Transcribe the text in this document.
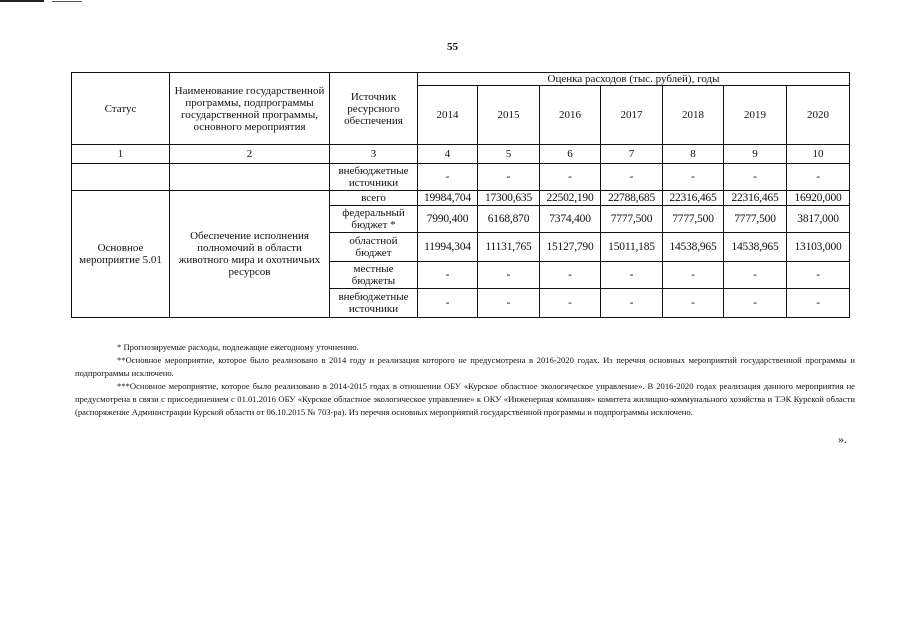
55
Статус	Наименование государственной программы, подпрограммы государственной программы, основного мероприятия	Источник ресурсного обеспечения	Оценка расходов (тыс. рублей), годы						
			2014	2015	2016	2017	2018	2019	2020
1	2	3	4	5	6	7	8	9	10
		внебюджетные источники	-	-	-	-	-	-	-
Основное мероприятие 5.01	Обеспечение исполнения полномочий в области животного мира и охотничьих ресурсов	всего	19984,704	17300,635	22502,190	22788,685	22316,465	22316,465	16920,000
		федеральный бюджет *	7990,400	6168,870	7374,400	7777,500	7777,500	7777,500	3817,000
		областной бюджет	11994,304	11131,765	15127,790	15011,185	14538,965	14538,965	13103,000
		местные бюджеты	-	-	-	-	-	-	-
		внебюджетные источники	-	-	-	-	-	-	-

* Прогнозируемые расходы, подлежащие ежегодному уточнению.

**Основное мероприятие, которое было реализовано в 2014 году и реализация которого не предусмотрена в 2016-2020 годах. Из перечня основных мероприятий государственной программы и подпрограммы исключено.

***Основное мероприятие, которое было реализовано в 2014-2015 годах в отношении ОБУ «Курское областное экологическое управление». В 2016-2020 годах реализация данного мероприятия не предусмотрена в связи с присоединением с 01.01.2016 ОБУ «Курское областное экологическое управление» к ОКУ «Инженерная компания» комитета жилищно-коммунального хозяйства и ТЭК Курской области (распоряжение Администрации Курской области от 06.10.2015 № 703-ра). Из перечня основных мероприятий государственной программы и подпрограммы исключено.

».
